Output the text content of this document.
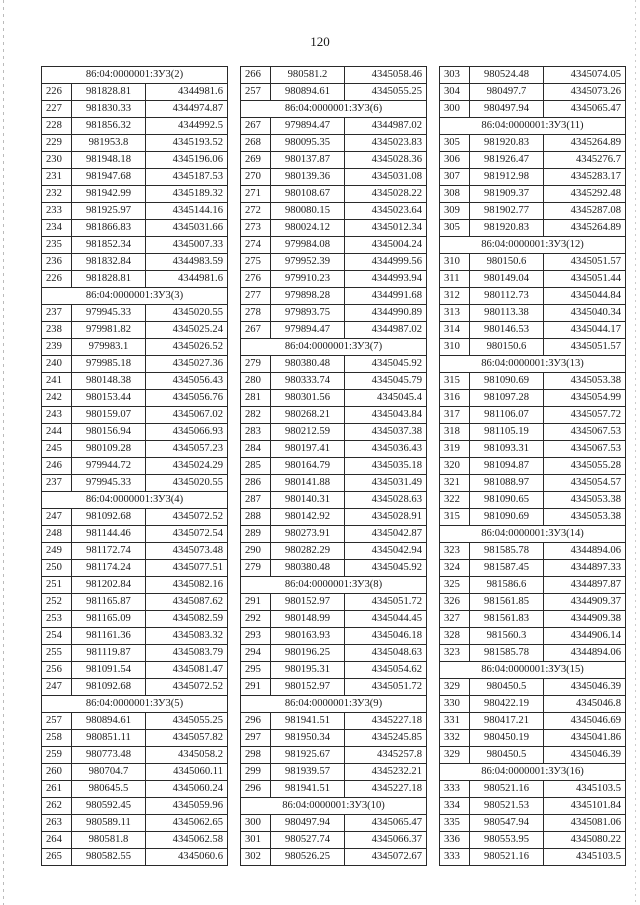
120
86:04:0000001:ЗУ3(2)		
226	981828.81	4344981.6
227	981830.33	4344974.87
228	981856.32	4344992.5
229	981953.8	4345193.52
230	981948.18	4345196.06
231	981947.68	4345187.53
232	981942.99	4345189.32
233	981925.97	4345144.16
234	981866.83	4345031.66
235	981852.34	4345007.33
236	981832.84	4344983.59
226	981828.81	4344981.6
86:04:0000001:ЗУ3(3)		
237	979945.33	4345020.55
238	979981.82	4345025.24
239	979983.1	4345026.52
240	979985.18	4345027.36
241	980148.38	4345056.43
242	980153.44	4345056.76
243	980159.07	4345067.02
244	980156.94	4345066.93
245	980109.28	4345057.23
246	979944.72	4345024.29
237	979945.33	4345020.55
86:04:0000001:ЗУ3(4)		
247	981092.68	4345072.52
248	981144.46	4345072.54
249	981172.74	4345073.48
250	981174.24	4345077.51
251	981202.84	4345082.16
252	981165.87	4345087.62
253	981165.09	4345082.59
254	981161.36	4345083.32
255	981119.87	4345083.79
256	981091.54	4345081.47
247	981092.68	4345072.52
86:04:0000001:ЗУ3(5)		
257	980894.61	4345055.25
258	980851.11	4345057.82
259	980773.48	4345058.2
260	980704.7	4345060.11
261	980645.5	4345060.24
262	980592.45	4345059.96
263	980589.11	4345062.65
264	980581.8	4345062.58
265	980582.55	4345060.6
266	980581.2	4345058.46
257	980894.61	4345055.25
86:04:0000001:ЗУ3(6)		
267	979894.47	4344987.02
268	980095.35	4345023.83
269	980137.87	4345028.36
270	980139.36	4345031.08
271	980108.67	4345028.22
272	980080.15	4345023.64
273	980024.12	4345012.34
274	979984.08	4345004.24
275	979952.39	4344999.56
276	979910.23	4344993.94
277	979898.28	4344991.68
278	979893.75	4344990.89
267	979894.47	4344987.02
86:04:0000001:ЗУ3(7)		
279	980380.48	4345045.92
280	980333.74	4345045.79
281	980301.56	4345045.4
282	980268.21	4345043.84
283	980212.59	4345037.38
284	980197.41	4345036.43
285	980164.79	4345035.18
286	980141.88	4345031.49
287	980140.31	4345028.63
288	980142.92	4345028.91
289	980273.91	4345042.87
290	980282.29	4345042.94
279	980380.48	4345045.92
86:04:0000001:ЗУ3(8)		
291	980152.97	4345051.72
292	980148.99	4345044.45
293	980163.93	4345046.18
294	980196.25	4345048.63
295	980195.31	4345054.62
291	980152.97	4345051.72
86:04:0000001:ЗУ3(9)		
296	981941.51	4345227.18
297	981950.34	4345245.85
298	981925.67	4345257.8
299	981939.57	4345232.21
296	981941.51	4345227.18
86:04:0000001:ЗУ3(10)		
300	980497.94	4345065.47
301	980527.74	4345066.37
302	980526.25	4345072.67
303	980524.48	4345074.05
304	980497.7	4345073.26
300	980497.94	4345065.47
86:04:0000001:ЗУ3(11)		
305	981920.83	4345264.89
306	981926.47	4345276.7
307	981912.98	4345283.17
308	981909.37	4345292.48
309	981902.77	4345287.08
305	981920.83	4345264.89
86:04:0000001:ЗУ3(12)		
310	980150.6	4345051.57
311	980149.04	4345051.44
312	980112.73	4345044.84
313	980113.38	4345040.34
314	980146.53	4345044.17
310	980150.6	4345051.57
86:04:0000001:ЗУ3(13)		
315	981090.69	4345053.38
316	981097.28	4345054.99
317	981106.07	4345057.72
318	981105.19	4345067.53
319	981093.31	4345067.53
320	981094.87	4345055.28
321	981088.97	4345054.57
322	981090.65	4345053.38
315	981090.69	4345053.38
86:04:0000001:ЗУ3(14)		
323	981585.78	4344894.06
324	981587.45	4344897.33
325	981586.6	4344897.87
326	981561.85	4344909.37
327	981561.83	4344909.38
328	981560.3	4344906.14
323	981585.78	4344894.06
86:04:0000001:ЗУ3(15)		
329	980450.5	4345046.39
330	980422.19	4345046.8
331	980417.21	4345046.69
332	980450.19	4345041.86
329	980450.5	4345046.39
86:04:0000001:ЗУ3(16)		
333	980521.16	4345103.5
334	980521.53	4345101.84
335	980547.94	4345081.06
336	980553.95	4345080.22
333	980521.16	4345103.5
